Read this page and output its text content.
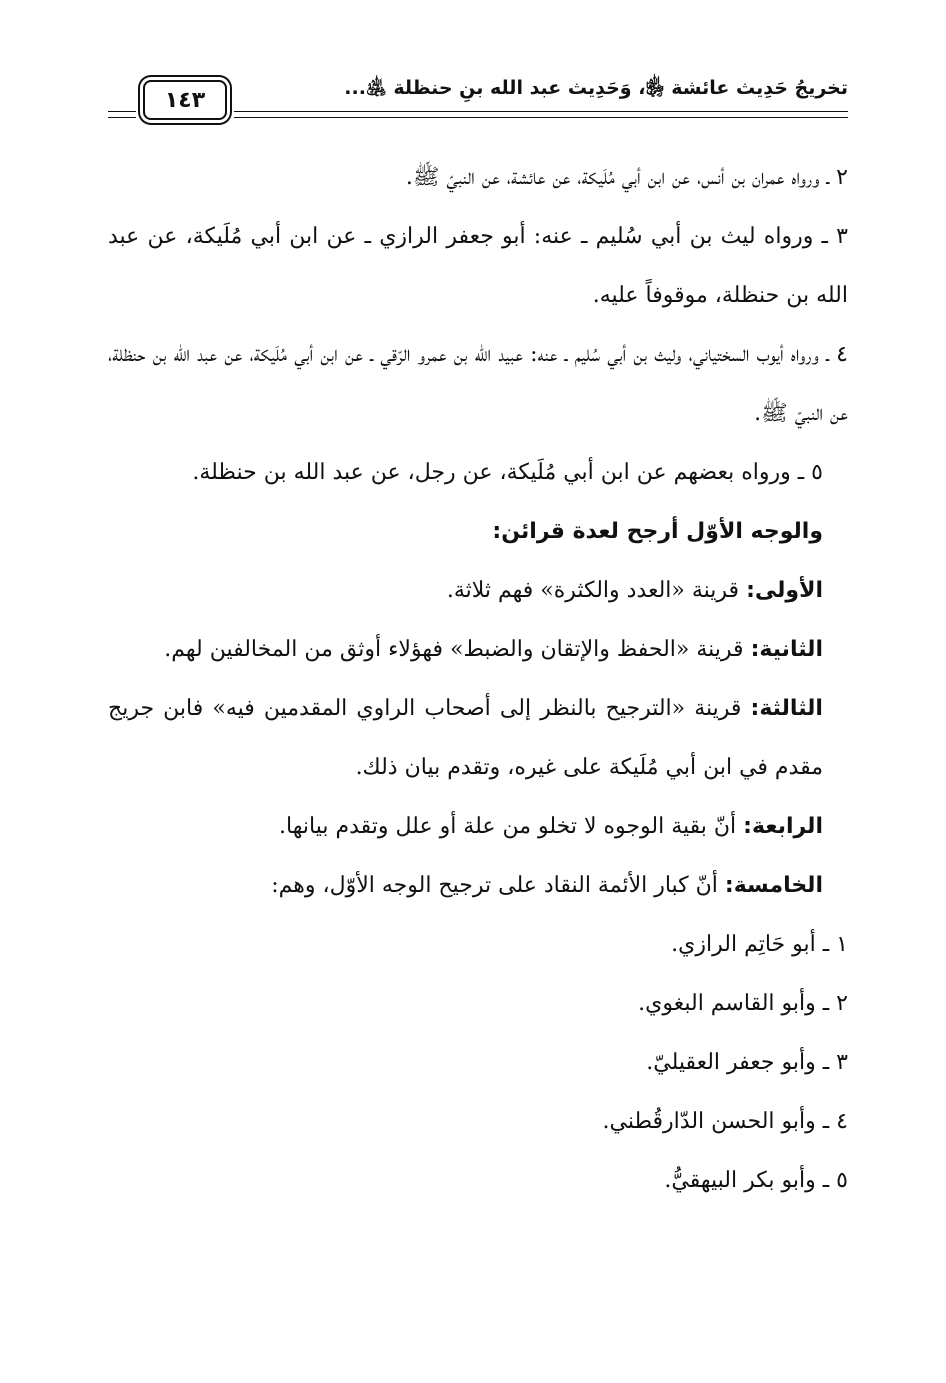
١٤٣	تخريجُ حَدِيث عائشة ﵂، وَحَدِيث عبد الله بنِ حنظلة ﵁...

٢ ـ ورواه عمران بن أنس، عن ابن أبي مُلَيكة، عن عائشة، عن النبيّ ﷺ.

٣ ـ ورواه ليث بن أبي سُليم ـ عنه: أبو جعفر الرازي ـ عن ابن أبي مُلَيكة، عن عبد الله بن حنظلة، موقوفاً عليه.

٤ ـ ورواه أيوب السختياني، وليث بن أبي سُليم ـ عنه: عبيد الله بن عمرو الرّقي ـ عن ابن أبي مُلَيكة، عن عبد الله بن حنظلة، عن النبيّ ﷺ.

٥ ـ ورواه بعضهم عن ابن أبي مُلَيكة، عن رجل، عن عبد الله بن حنظلة.

والوجه الأوّل أرجح لعدة قرائن:

الأولى: قرينة «العدد والكثرة» فهم ثلاثة.

الثانية: قرينة «الحفظ والإتقان والضبط» فهؤلاء أوثق من المخالفين لهم.

الثالثة: قرينة «الترجيح بالنظر إلى أصحاب الراوي المقدمين فيه» فابن جريج مقدم في ابن أبي مُلَيكة على غيره، وتقدم بيان ذلك.

الرابعة: أنّ بقية الوجوه لا تخلو من علة أو علل وتقدم بيانها.

الخامسة: أنّ كبار الأئمة النقاد على ترجيح الوجه الأوّل، وهم:

١ ـ أبو حَاتِم الرازي.

٢ ـ وأبو القاسم البغوي.

٣ ـ وأبو جعفر العقيليّ.

٤ ـ وأبو الحسن الدّارقُطني.

٥ ـ وأبو بكر البيهقيُّ.
